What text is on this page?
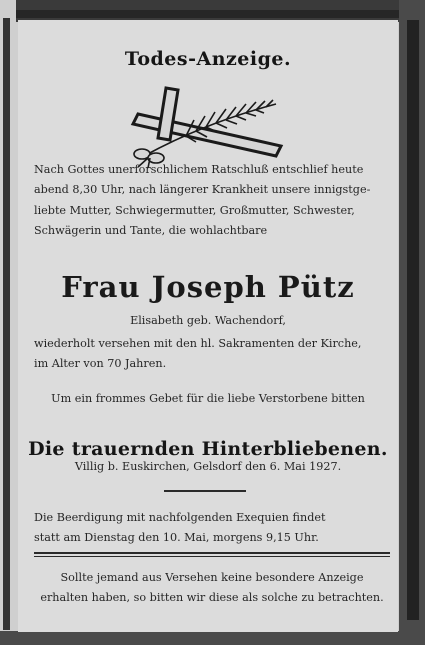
Todes-Anzeige.
Nach Gottes unerforschlichem Ratschluß entschlief heute
abend 8,30 Uhr, nach längerer Krankheit unsere innigstge-
liebte Mutter, Schwiegermutter, Großmutter, Schwester,
Schwägerin und Tante, die wohlachtbare
Frau Joseph Pütz
Elisabeth geb. Wachendorf,
wiederholt versehen mit den hl. Sakramenten der Kirche,
im Alter von 70 Jahren.
Um ein frommes Gebet für die liebe Verstorbene bitten
Die trauernden Hinterbliebenen.
Villig b. Euskirchen, Gelsdorf den 6. Mai 1927.
Die Beerdigung mit nachfolgenden Exequien findet
statt am Dienstag den 10. Mai, morgens 9,15 Uhr.
Sollte jemand aus Versehen keine besondere Anzeige
erhalten haben, so bitten wir diese als solche zu betrachten.
